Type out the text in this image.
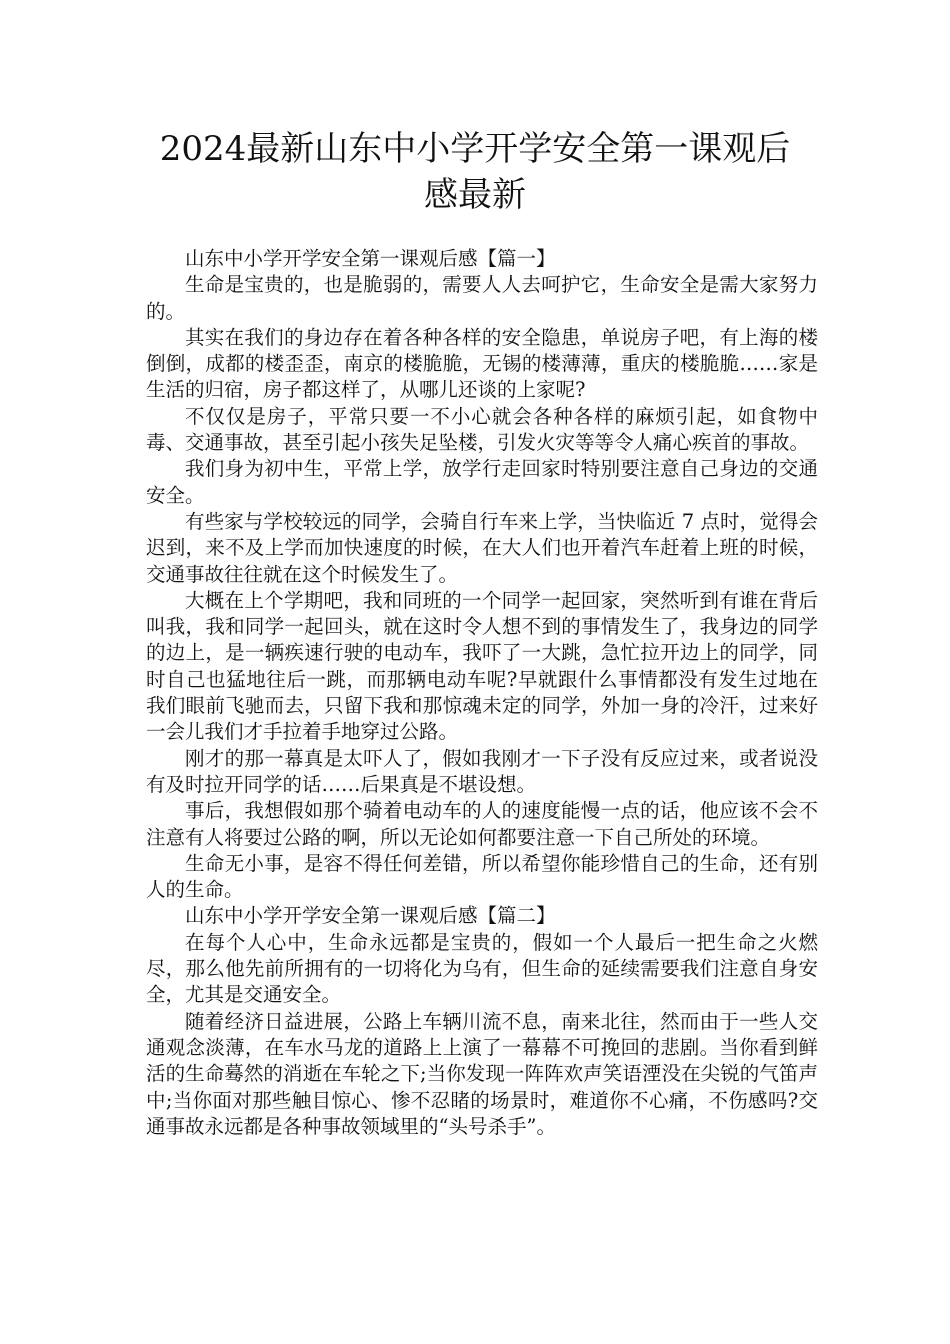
2024最新山东中小学开学安全第一课观后
感最新

山东中小学开学安全第一课观后感【篇一】

生命是宝贵的，也是脆弱的，需要人人去呵护它，生命安全是需大家努力的。

其实在我们的身边存在着各种各样的安全隐患，单说房子吧，有上海的楼倒倒，成都的楼歪歪，南京的楼脆脆，无锡的楼薄薄，重庆的楼脆脆……家是生活的归宿，房子都这样了，从哪儿还谈的上家呢?

不仅仅是房子，平常只要一不小心就会各种各样的麻烦引起，如食物中毒、交通事故，甚至引起小孩失足坠楼，引发火灾等等令人痛心疾首的事故。

我们身为初中生，平常上学，放学行走回家时特别要注意自己身边的交通安全。

有些家与学校较远的同学，会骑自行车来上学，当快临近 7 点时，觉得会迟到，来不及上学而加快速度的时候，在大人们也开着汽车赶着上班的时候，交通事故往往就在这个时候发生了。

大概在上个学期吧，我和同班的一个同学一起回家，突然听到有谁在背后叫我，我和同学一起回头，就在这时令人想不到的事情发生了，我身边的同学的边上，是一辆疾速行驶的电动车，我吓了一大跳，急忙拉开边上的同学，同时自己也猛地往后一跳，而那辆电动车呢?早就跟什么事情都没有发生过地在我们眼前飞驰而去，只留下我和那惊魂未定的同学，外加一身的冷汗，过来好一会儿我们才手拉着手地穿过公路。

刚才的那一幕真是太吓人了，假如我刚才一下子没有反应过来，或者说没有及时拉开同学的话……后果真是不堪设想。

事后，我想假如那个骑着电动车的人的速度能慢一点的话，他应该不会不注意有人将要过公路的啊，所以无论如何都要注意一下自己所处的环境。

生命无小事，是容不得任何差错，所以希望你能珍惜自己的生命，还有别人的生命。

山东中小学开学安全第一课观后感【篇二】

在每个人心中，生命永远都是宝贵的，假如一个人最后一把生命之火燃尽，那么他先前所拥有的一切将化为乌有，但生命的延续需要我们注意自身安全，尤其是交通安全。

随着经济日益进展，公路上车辆川流不息，南来北往，然而由于一些人交通观念淡薄，在车水马龙的道路上上演了一幕幕不可挽回的悲剧。当你看到鲜活的生命蓦然的消逝在车轮之下;当你发现一阵阵欢声笑语湮没在尖锐的气笛声中;当你面对那些触目惊心、惨不忍睹的场景时，难道你不心痛，不伤感吗?交通事故永远都是各种事故领域里的“头号杀手”。
